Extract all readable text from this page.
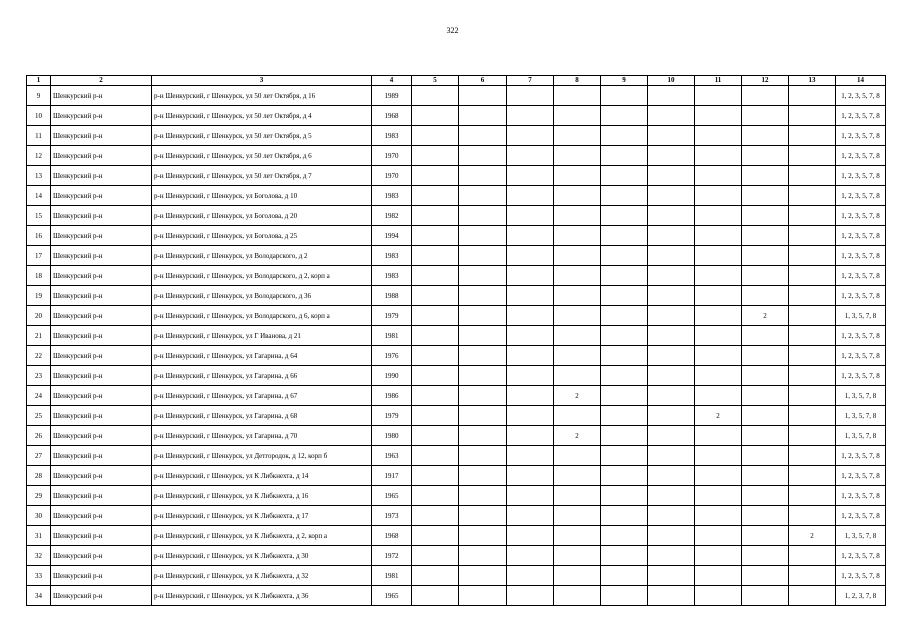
322
1	2	3	4	5	6	7	8	9	10	11	12	13	14
9	Шенкурский р-н	р-н Шенкурский, г Шенкурск, ул 50 лет Октября, д 16	1989										1, 2, 3, 5, 7, 8
10	Шенкурский р-н	р-н Шенкурский, г Шенкурск, ул 50 лет Октября, д 4	1968										1, 2, 3, 5, 7, 8
11	Шенкурский р-н	р-н Шенкурский, г Шенкурск, ул 50 лет Октября, д 5	1983										1, 2, 3, 5, 7, 8
12	Шенкурский р-н	р-н Шенкурский, г Шенкурск, ул 50 лет Октября, д 6	1970										1, 2, 3, 5, 7, 8
13	Шенкурский р-н	р-н Шенкурский, г Шенкурск, ул 50 лет Октября, д 7	1970										1, 2, 3, 5, 7, 8
14	Шенкурский р-н	р-н Шенкурский, г Шенкурск, ул Боголова, д 10	1983										1, 2, 3, 5, 7, 8
15	Шенкурский р-н	р-н Шенкурский, г Шенкурск, ул Боголова, д 20	1982										1, 2, 3, 5, 7, 8
16	Шенкурский р-н	р-н Шенкурский, г Шенкурск, ул Боголова, д 25	1994										1, 2, 3, 5, 7, 8
17	Шенкурский р-н	р-н Шенкурский, г Шенкурск, ул Володарского, д 2	1983										1, 2, 3, 5, 7, 8
18	Шенкурский р-н	р-н Шенкурский, г Шенкурск, ул Володарского, д 2, корп а	1983										1, 2, 3, 5, 7, 8
19	Шенкурский р-н	р-н Шенкурский, г Шенкурск, ул Володарского, д 36	1988										1, 2, 3, 5, 7, 8
20	Шенкурский р-н	р-н Шенкурский, г Шенкурск, ул Володарского, д 6, корп а	1979								2		1, 3, 5, 7, 8
21	Шенкурский р-н	р-н Шенкурский, г Шенкурск, ул Г Иванова, д 21	1981										1, 2, 3, 5, 7, 8
22	Шенкурский р-н	р-н Шенкурский, г Шенкурск, ул Гагарина, д 64	1976										1, 2, 3, 5, 7, 8
23	Шенкурский р-н	р-н Шенкурский, г Шенкурск, ул Гагарина, д 66	1990										1, 2, 3, 5, 7, 8
24	Шенкурский р-н	р-н Шенкурский, г Шенкурск, ул Гагарина, д 67	1986				2						1, 3, 5, 7, 8
25	Шенкурский р-н	р-н Шенкурский, г Шенкурск, ул Гагарина, д 68	1979							2			1, 3, 5, 7, 8
26	Шенкурский р-н	р-н Шенкурский, г Шенкурск, ул Гагарина, д 70	1980				2						1, 3, 5, 7, 8
27	Шенкурский р-н	р-н Шенкурский, г Шенкурск, ул Детгородок, д 12, корп б	1963										1, 2, 3, 5, 7, 8
28	Шенкурский р-н	р-н Шенкурский, г Шенкурск, ул К Либкнехта, д 14	1917										1, 2, 3, 5, 7, 8
29	Шенкурский р-н	р-н Шенкурский, г Шенкурск, ул К Либкнехта, д 16	1965										1, 2, 3, 5, 7, 8
30	Шенкурский р-н	р-н Шенкурский, г Шенкурск, ул К Либкнехта, д 17	1973										1, 2, 3, 5, 7, 8
31	Шенкурский р-н	р-н Шенкурский, г Шенкурск, ул К Либкнехта, д 2, корп а	1968									2	1, 3, 5, 7, 8
32	Шенкурский р-н	р-н Шенкурский, г Шенкурск, ул К Либкнехта, д 30	1972										1, 2, 3, 5, 7, 8
33	Шенкурский р-н	р-н Шенкурский, г Шенкурск, ул К Либкнехта, д 32	1981										1, 2, 3, 5, 7, 8
34	Шенкурский р-н	р-н Шенкурский, г Шенкурск, ул К Либкнехта, д 36	1965										1, 2, 3, 7, 8
